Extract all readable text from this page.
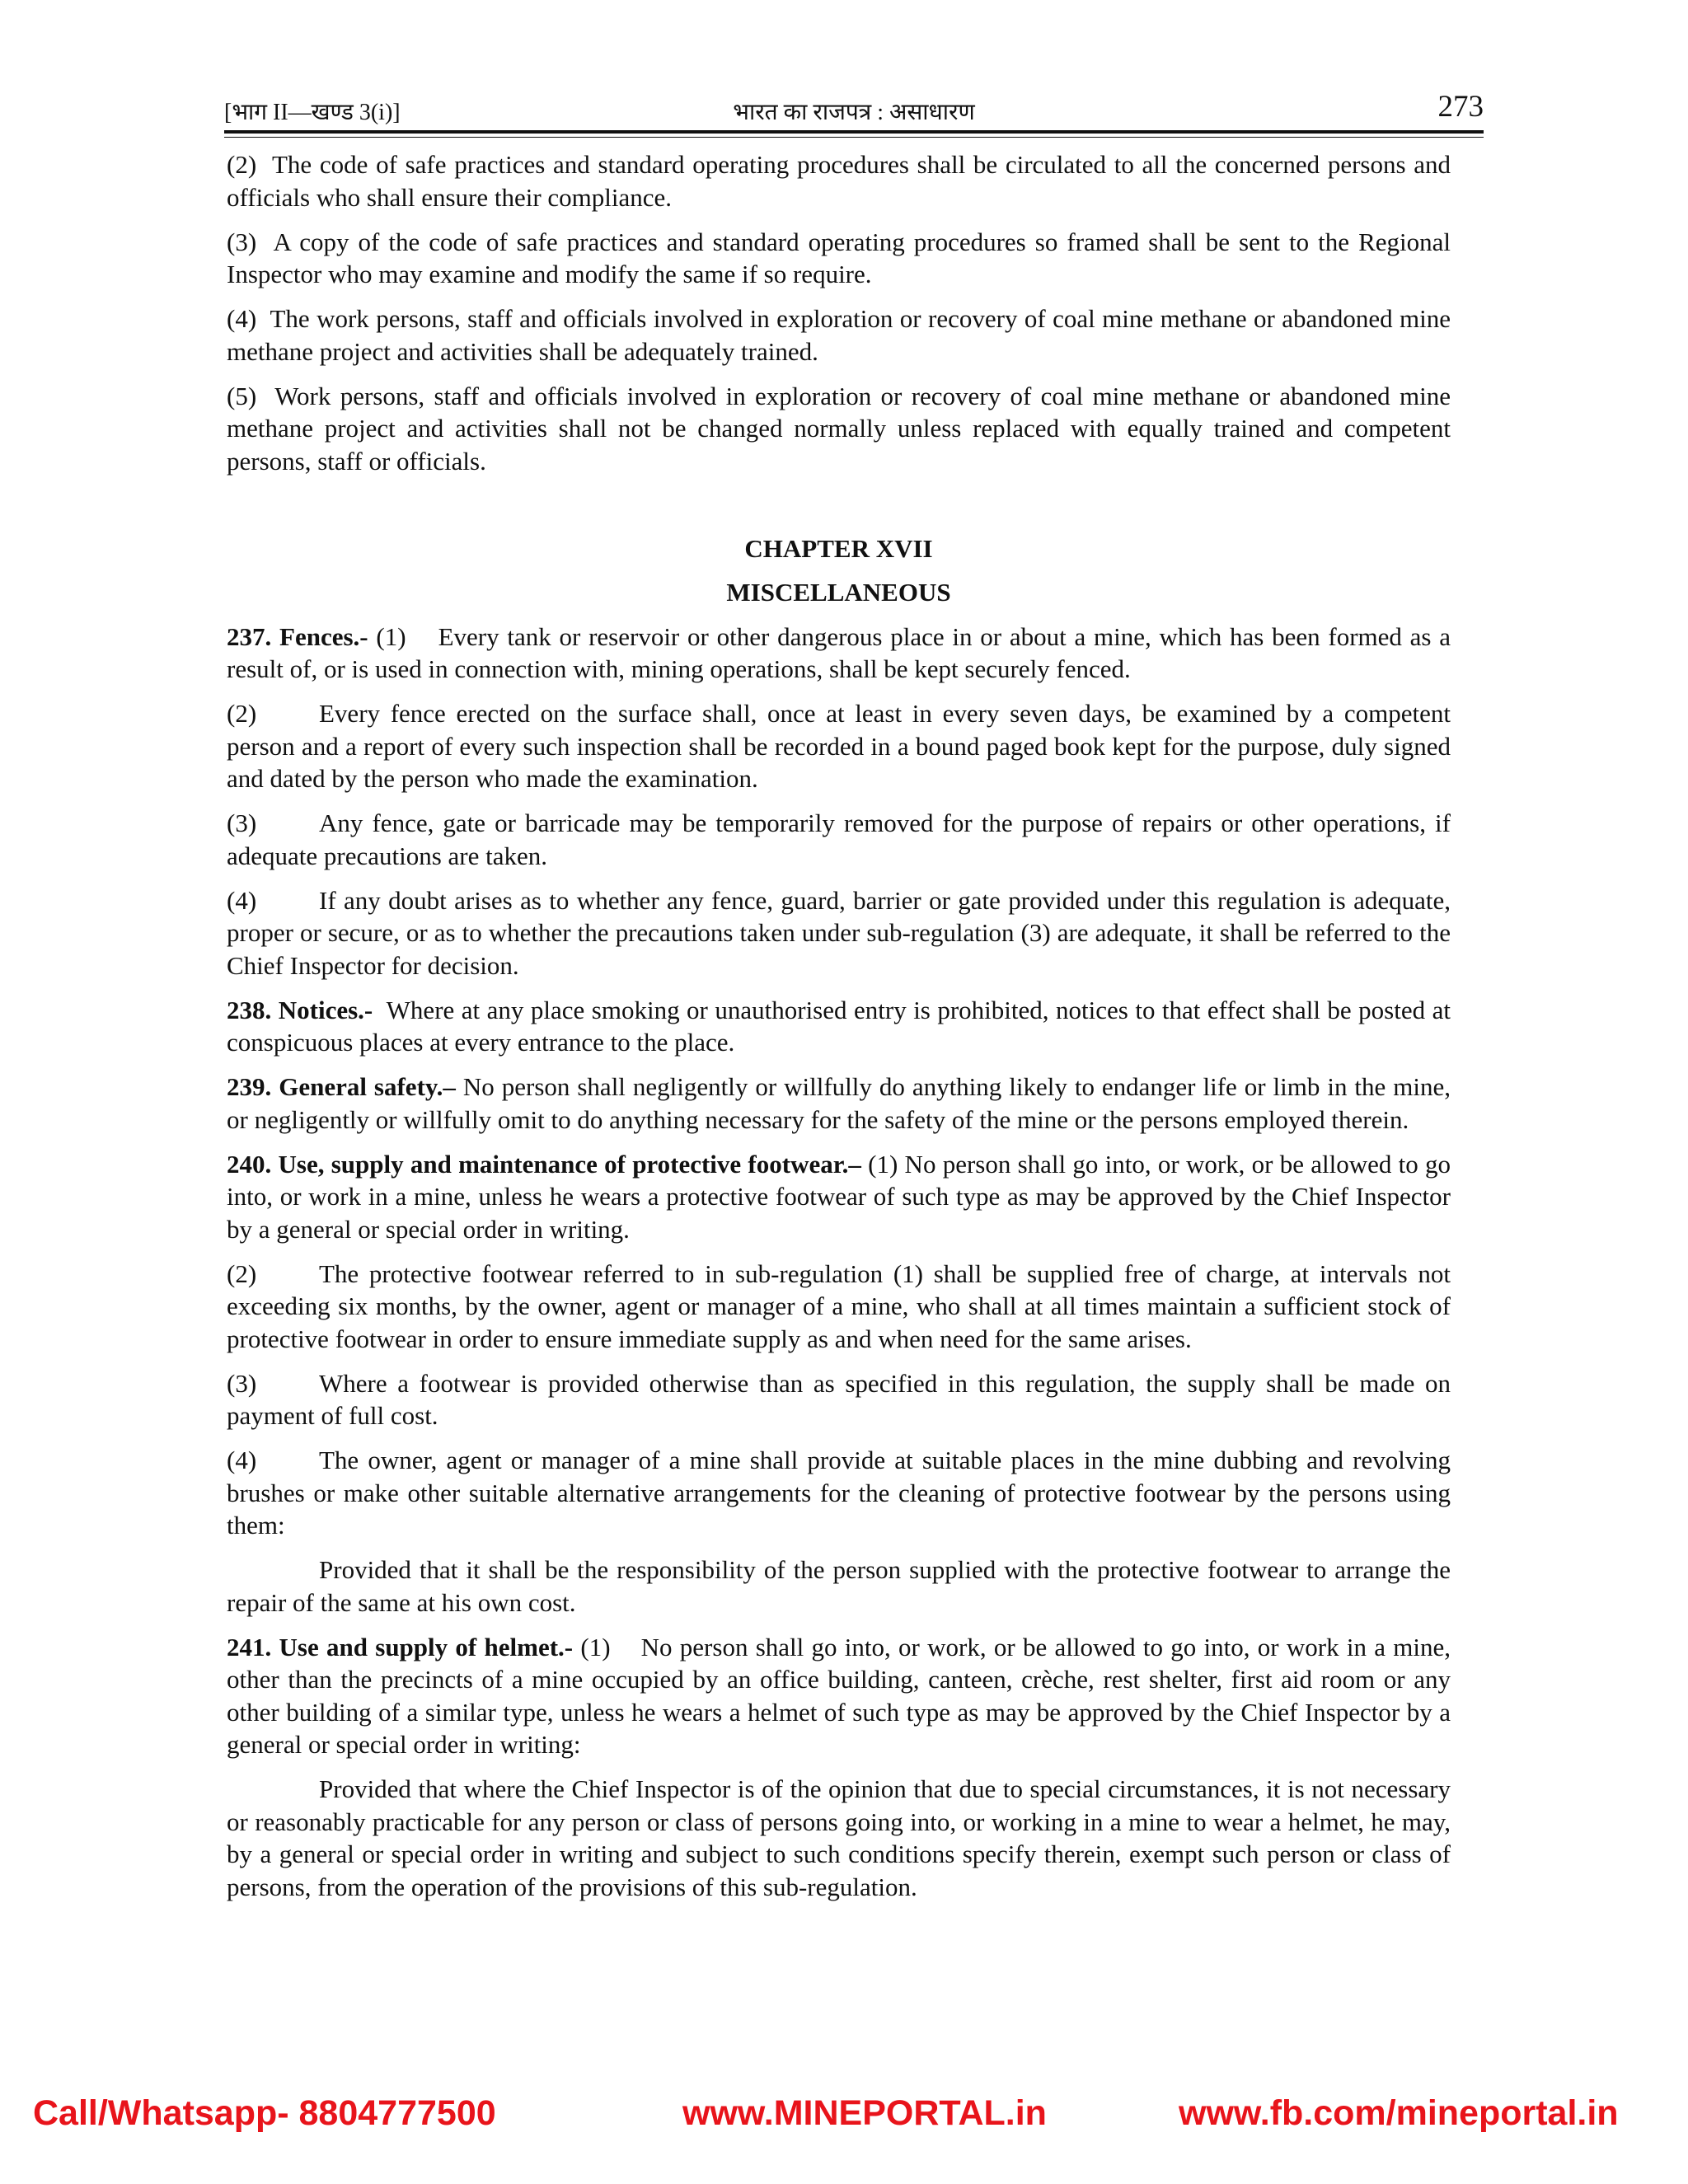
[भाग II—खण्ड 3(i)]	भारत का राजपत्र : असाधारण	273

(2) The code of safe practices and standard operating procedures shall be circulated to all the concerned persons and officials who shall ensure their compliance.

(3) A copy of the code of safe practices and standard operating procedures so framed shall be sent to the Regional Inspector who may examine and modify the same if so require.

(4) The work persons, staff and officials involved in exploration or recovery of coal mine methane or abandoned mine methane project and activities shall be adequately trained.

(5) Work persons, staff and officials involved in exploration or recovery of coal mine methane or abandoned mine methane project and activities shall not be changed normally unless replaced with equally trained and competent persons, staff or officials.

CHAPTER XVII

MISCELLANEOUS

237. Fences.- (1) Every tank or reservoir or other dangerous place in or about a mine, which has been formed as a result of, or is used in connection with, mining operations, shall be kept securely fenced.

(2) Every fence erected on the surface shall, once at least in every seven days, be examined by a competent person and a report of every such inspection shall be recorded in a bound paged book kept for the purpose, duly signed and dated by the person who made the examination.

(3) Any fence, gate or barricade may be temporarily removed for the purpose of repairs or other operations, if adequate precautions are taken.

(4) If any doubt arises as to whether any fence, guard, barrier or gate provided under this regulation is adequate, proper or secure, or as to whether the precautions taken under sub-regulation (3) are adequate, it shall be referred to the Chief Inspector for decision.

238. Notices.- Where at any place smoking or unauthorised entry is prohibited, notices to that effect shall be posted at conspicuous places at every entrance to the place.

239. General safety.– No person shall negligently or willfully do anything likely to endanger life or limb in the mine, or negligently or willfully omit to do anything necessary for the safety of the mine or the persons employed therein.

240. Use, supply and maintenance of protective footwear.– (1) No person shall go into, or work, or be allowed to go into, or work in a mine, unless he wears a protective footwear of such type as may be approved by the Chief Inspector by a general or special order in writing.

(2) The protective footwear referred to in sub-regulation (1) shall be supplied free of charge, at intervals not exceeding six months, by the owner, agent or manager of a mine, who shall at all times maintain a sufficient stock of protective footwear in order to ensure immediate supply as and when need for the same arises.

(3) Where a footwear is provided otherwise than as specified in this regulation, the supply shall be made on payment of full cost.

(4) The owner, agent or manager of a mine shall provide at suitable places in the mine dubbing and revolving brushes or make other suitable alternative arrangements for the cleaning of protective footwear by the persons using them:

Provided that it shall be the responsibility of the person supplied with the protective footwear to arrange the repair of the same at his own cost.

241. Use and supply of helmet.- (1) No person shall go into, or work, or be allowed to go into, or work in a mine, other than the precincts of a mine occupied by an office building, canteen, crèche, rest shelter, first aid room or any other building of a similar type, unless he wears a helmet of such type as may be approved by the Chief Inspector by a general or special order in writing:

Provided that where the Chief Inspector is of the opinion that due to special circumstances, it is not necessary or reasonably practicable for any person or class of persons going into, or working in a mine to wear a helmet, he may, by a general or special order in writing and subject to such conditions specify therein, exempt such person or class of persons, from the operation of the provisions of this sub-regulation.

Call/Whatsapp- 8804777500	www.MINEPORTAL.in	www.fb.com/mineportal.in
